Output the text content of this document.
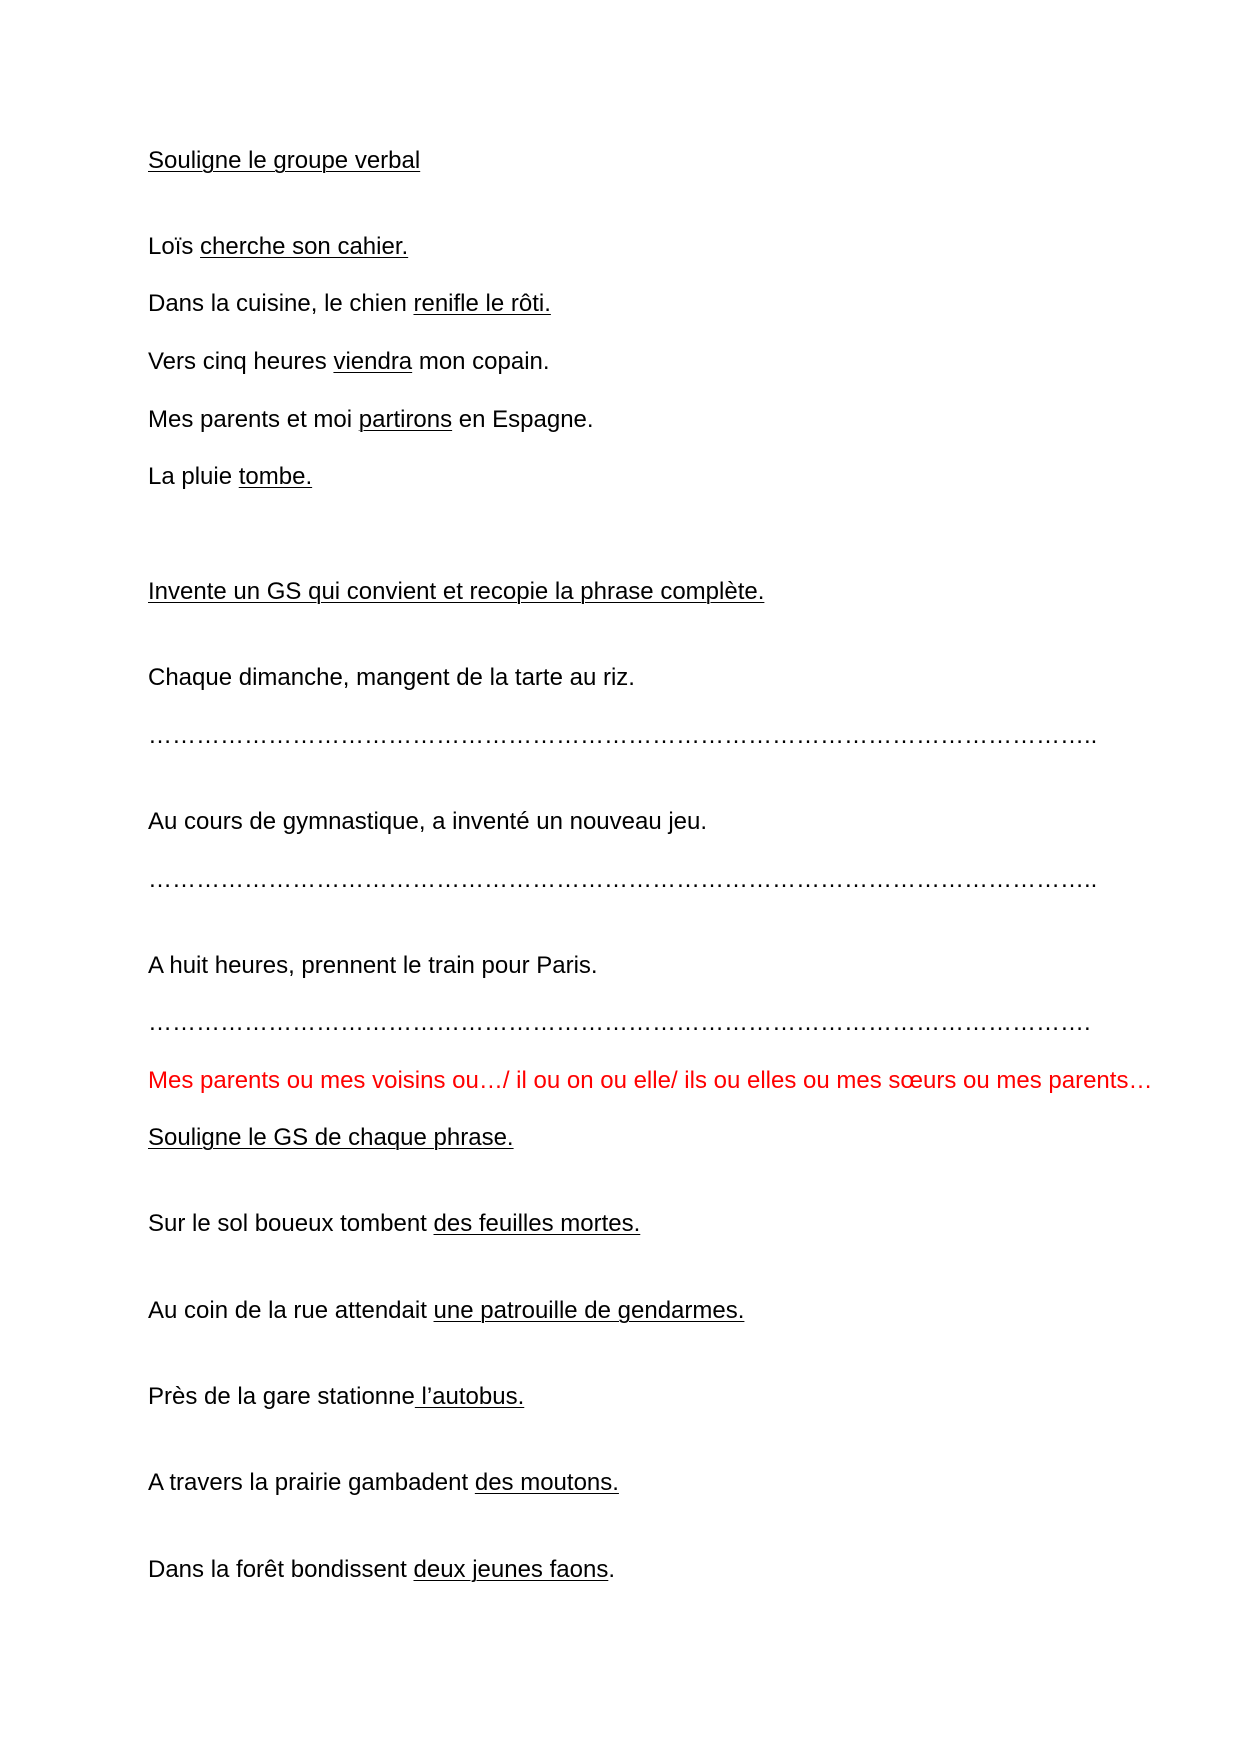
Souligne le groupe verbal

Loïs cherche son cahier.

Dans la cuisine, le chien renifle le rôti.

Vers cinq heures viendra mon copain.

Mes parents et moi partirons en Espagne.

La pluie tombe.

Invente un GS qui convient et recopie la phrase complète.

Chaque dimanche, mangent de la tarte au riz.

………………………………………………………………………………………………………..

Au cours de gymnastique, a inventé un nouveau jeu.

………………………………………………………………………………………………………..

A huit heures, prennent le train pour Paris.

……………………………………………………………………………………………………….

Mes parents ou mes voisins ou…/ il ou on ou elle/ ils ou elles ou mes sœurs ou mes parents…

Souligne le GS de chaque phrase.

Sur le sol boueux tombent des feuilles mortes.

Au coin de la rue attendait une patrouille de gendarmes.

Près de la gare stationne l’autobus.

A travers la prairie gambadent des moutons.

Dans la forêt bondissent deux jeunes faons.
